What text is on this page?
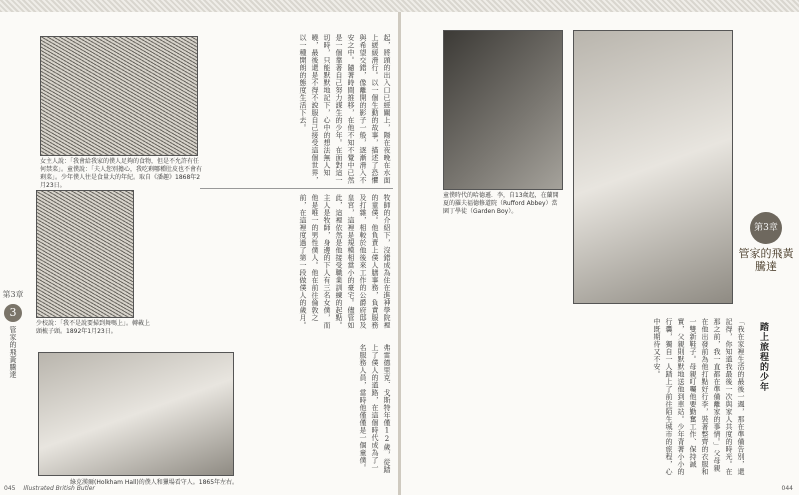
第3章
3
管家的飛黃騰達
女主人說：「我會給我家的僕人足夠的食物，但是不允許有任何禁菜」。童僕說：「夫人您別擔心，我吃剩哪種肚皮也不會有剩菜」。少年僕人往是食量大的年紀。取自《潘趣》1868年2月23日。
起，將頭的出入口已經關上，陽在夜晚在水面上緩緩滑行。以一個生動的故事，描述了恐懼與希望交錯，像離開的影子一般，逐漸滑入不安之中。隨著時間推移，在他不知不覺中已然是一個靠著自己努力謀生的少年。在面對這一切時，只能默默地記下，心中的想法無人知曉，最後還是不得不說服自己接受這個世界，以一種開朗的態度生活下去。
少校說：「我不是說要掃到舞嗎上」。轉載上頭梳子頭。1892年1月23日。
牧師的介紹下，沒錯成為住在進神學院裡的童僕。他負責上僕人膳事務，負責服務及打雜，相較於他後來工作的公爵府邸及皇宮，這裡是規模相當小的豪宅。儘管如此，這裡依然是他接受職業訓練的起點。主人是牧師，身邊的下人有三名女僕，而他是唯一的男性僕人。他在前往倫敦之前，在這裡度過了第一段做僕人的歲月。
綠克漢爾(Holkham Hall)的僕人和獵場看守人。1865年左右。
弗雷德里克．戈斯特年僅12歲，從踏上了僕人的道路，在這個時代成為了一名服務人員，當時他僅僅是一個童僕。
045 Illustrated British Butler
童僕時代的哈德遜．李，自13歲起，在蘭開夏的羅夫福德修道院（Rufford Abbey）當園丁學徒（Garden Boy）。
第3章
管家的飛黃騰達
踏上旅程的少年
「我在家裡生活的最後一週，那在準備告別，還記得，你知道我最後一次與家人共度的時光。在那之前，我一直都在準備離家的事情。」父母親在他出發前為他打點好行李，裝著整齊的衣服和一雙新鞋子。母親叮囑他要勤奮工作、保持誠實，父親則默默地送他到車站。少年背著小小的行囊，獨自一人踏上了前往陌生城市的旅程，心中既期待又不安。
044
